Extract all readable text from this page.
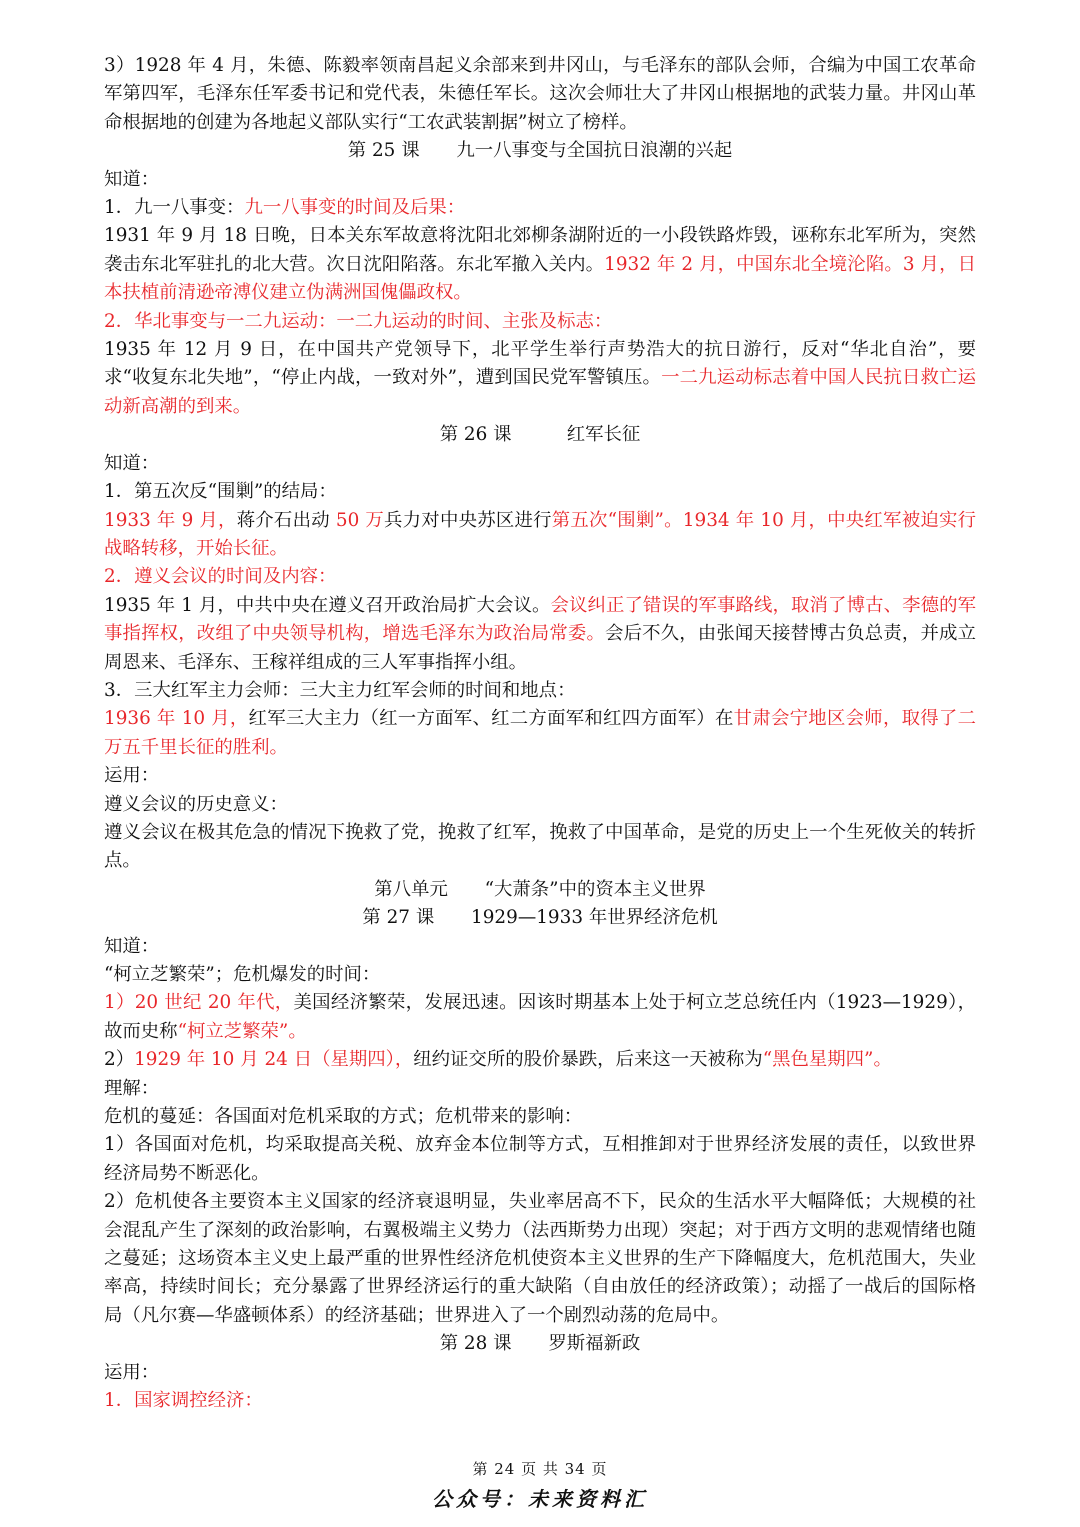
3）1928 年 4 月，朱德、陈毅率领南昌起义余部来到井冈山，与毛泽东的部队会师，合编为中国工农革命军第四军，毛泽东任军委书记和党代表，朱德任军长。这次会师壮大了井冈山根据地的武装力量。井冈山革命根据地的创建为各地起义部队实行“工农武装割据”树立了榜样。

第 25 课　　九一八事变与全国抗日浪潮的兴起

知道：

1．九一八事变：九一八事变的时间及后果：

1931 年 9 月 18 日晚，日本关东军故意将沈阳北郊柳条湖附近的一小段铁路炸毁，诬称东北军所为，突然袭击东北军驻扎的北大营。次日沈阳陷落。东北军撤入关内。1932 年 2 月，中国东北全境沦陷。3 月，日本扶植前清逊帝溥仪建立伪满洲国傀儡政权。

2．华北事变与一二九运动：一二九运动的时间、主张及标志：

1935 年 12 月 9 日，在中国共产党领导下，北平学生举行声势浩大的抗日游行，反对“华北自治”，要求“收复东北失地”，“停止内战，一致对外”，遭到国民党军警镇压。一二九运动标志着中国人民抗日救亡运动新高潮的到来。

第 26 课　　　红军长征

知道：

1．第五次反“围剿”的结局：

1933 年 9 月，蒋介石出动 50 万兵力对中央苏区进行第五次“围剿”。1934 年 10 月，中央红军被迫实行战略转移，开始长征。

2．遵义会议的时间及内容：

1935 年 1 月，中共中央在遵义召开政治局扩大会议。会议纠正了错误的军事路线，取消了博古、李德的军事指挥权，改组了中央领导机构，增选毛泽东为政治局常委。会后不久，由张闻天接替博古负总责，并成立周恩来、毛泽东、王稼祥组成的三人军事指挥小组。

3．三大红军主力会师：三大主力红军会师的时间和地点：

1936 年 10 月，红军三大主力（红一方面军、红二方面军和红四方面军）在甘肃会宁地区会师，取得了二万五千里长征的胜利。

运用：

遵义会议的历史意义：

遵义会议在极其危急的情况下挽救了党，挽救了红军，挽救了中国革命，是党的历史上一个生死攸关的转折点。

第八单元　　“大萧条”中的资本主义世界

第 27 课　　1929—1933 年世界经济危机

知道：

“柯立芝繁荣”；危机爆发的时间：

1）20 世纪 20 年代，美国经济繁荣，发展迅速。因该时期基本上处于柯立芝总统任内（1923—1929），故而史称“柯立芝繁荣”。

2）1929 年 10 月 24 日（星期四），纽约证交所的股价暴跌，后来这一天被称为“黑色星期四”。

理解：

危机的蔓延：各国面对危机采取的方式；危机带来的影响：

1）各国面对危机，均采取提高关税、放弃金本位制等方式，互相推卸对于世界经济发展的责任，以致世界经济局势不断恶化。

2）危机使各主要资本主义国家的经济衰退明显，失业率居高不下，民众的生活水平大幅降低；大规模的社会混乱产生了深刻的政治影响，右翼极端主义势力（法西斯势力出现）突起；对于西方文明的悲观情绪也随之蔓延；这场资本主义史上最严重的世界性经济危机使资本主义世界的生产下降幅度大，危机范围大，失业率高，持续时间长；充分暴露了世界经济运行的重大缺陷（自由放任的经济政策）；动摇了一战后的国际格局（凡尔赛—华盛顿体系）的经济基础；世界进入了一个剧烈动荡的危局中。

第 28 课　　罗斯福新政

运用：

1．国家调控经济：

第 24 页 共 34 页
公众号：未来资料汇
